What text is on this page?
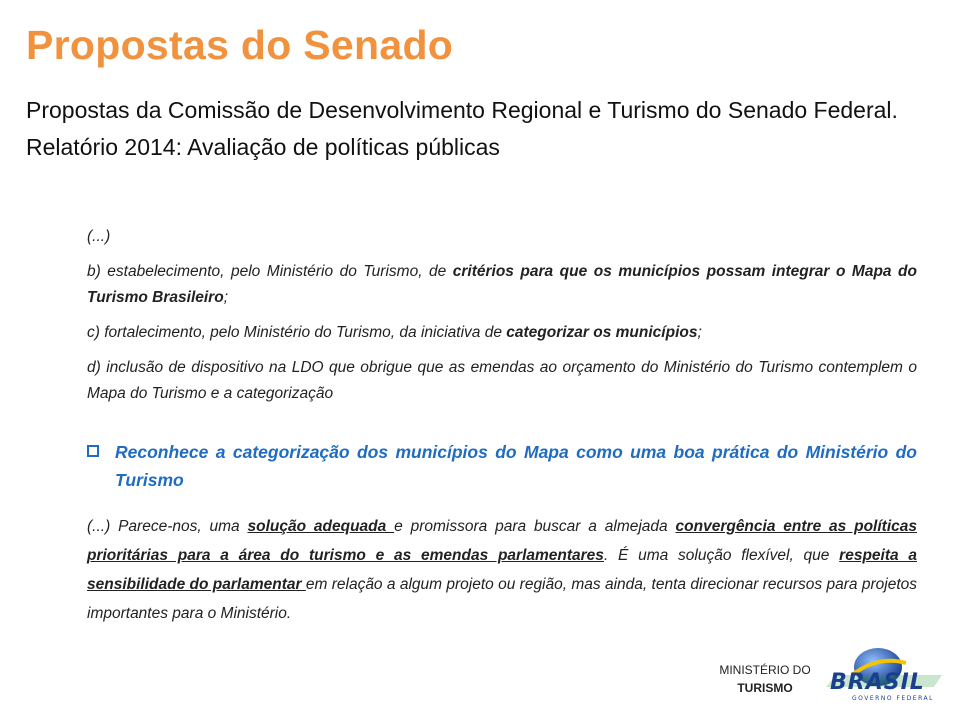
Propostas do Senado

Propostas da Comissão de Desenvolvimento Regional e Turismo do Senado Federal.

Relatório 2014: Avaliação de políticas públicas

(...)

b) estabelecimento, pelo Ministério do Turismo, de critérios para que os municípios possam integrar o Mapa do Turismo Brasileiro;

c) fortalecimento, pelo Ministério do Turismo, da iniciativa de categorizar os municípios;

d) inclusão de dispositivo na LDO que obrigue que as emendas ao orçamento do Ministério do Turismo contemplem o Mapa do Turismo e a categorização

Reconhece a categorização dos municípios do Mapa como uma boa prática do Ministério do Turismo

(...) Parece-nos, uma solução adequada e promissora para buscar a almejada convergência entre as políticas prioritárias para a área do turismo e as emendas parlamentares. É uma solução flexível, que respeita a sensibilidade do parlamentar em relação a algum projeto ou região, mas ainda, tenta direcionar recursos para projetos importantes para o Ministério.

MINISTÉRIO DO
TURISMO	BRASIL
GOVERNO FEDERAL
